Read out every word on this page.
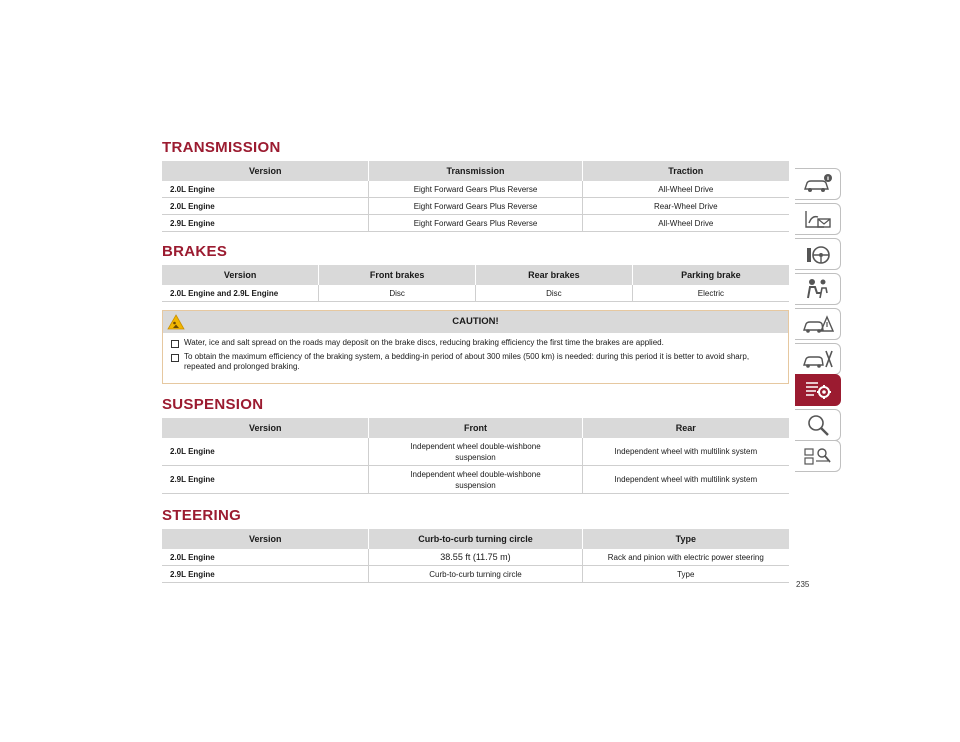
TRANSMISSION
Version	Transmission	Traction
2.0L Engine	Eight Forward Gears Plus Reverse	All-Wheel Drive
2.0L Engine	Eight Forward Gears Plus Reverse	Rear-Wheel Drive
2.9L Engine	Eight Forward Gears Plus Reverse	All-Wheel Drive
BRAKES
Version	Front brakes	Rear brakes	Parking brake
2.0L Engine and 2.9L Engine	Disc	Disc	Electric
CAUTION!
Water, ice and salt spread on the roads may deposit on the brake discs, reducing braking efficiency the first time the brakes are applied.
To obtain the maximum efficiency of the braking system, a bedding-in period of about 300 miles (500 km) is needed: during this period it is better to avoid sharp, repeated and prolonged braking.
SUSPENSION
Version	Front	Rear
2.0L Engine	Independent wheel double-wishbone suspension	Independent wheel with multilink system
2.9L Engine	Independent wheel double-wishbone suspension	Independent wheel with multilink system
STEERING
Version	Curb-to-curb turning circle	Type
2.0L Engine	38.55 ft (11.75 m)	Rack and pinion with electric power steering
2.9L Engine	Curb-to-curb turning circle	Type
235
